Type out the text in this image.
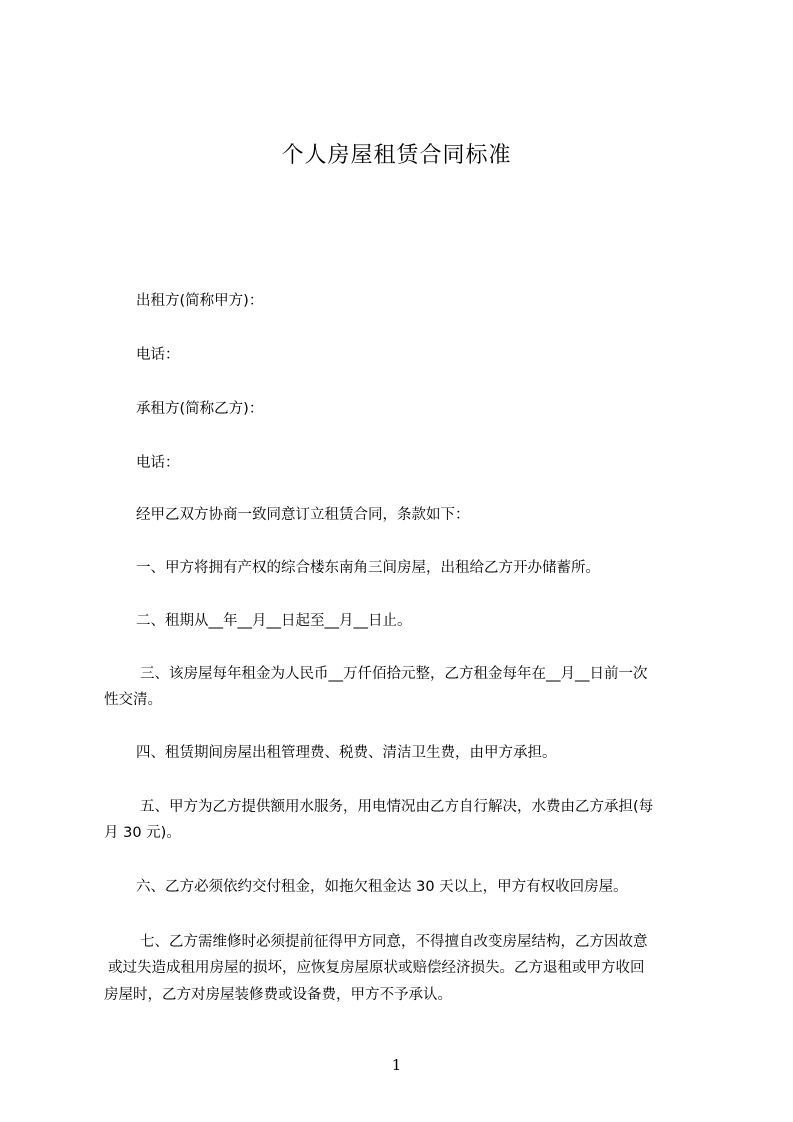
个人房屋租赁合同标准
出租方(简称甲方)：
电话：
承租方(简称乙方)：
电话：
经甲乙双方协商一致同意订立租赁合同，条款如下：
一、甲方将拥有产权的综合楼东南角三间房屋，出租给乙方开办储蓄所。
二、租期从__年__月__日起至__月__日止。
三、该房屋每年租金为人民币__万仟佰拾元整，乙方租金每年在__月__日前一次
性交清。
四、租赁期间房屋出租管理费、税费、清洁卫生费，由甲方承担。
五、甲方为乙方提供额用水服务，用电情况由乙方自行解决，水费由乙方承担(每
月 30 元)。
六、乙方必须依约交付租金，如拖欠租金达 30 天以上，甲方有权收回房屋。
七、乙方需维修时必须提前征得甲方同意，不得擅自改变房屋结构，乙方因故意
或过失造成租用房屋的损坏，应恢复房屋原状或赔偿经济损失。乙方退租或甲方收回
房屋时，乙方对房屋装修费或设备费，甲方不予承认。
1
